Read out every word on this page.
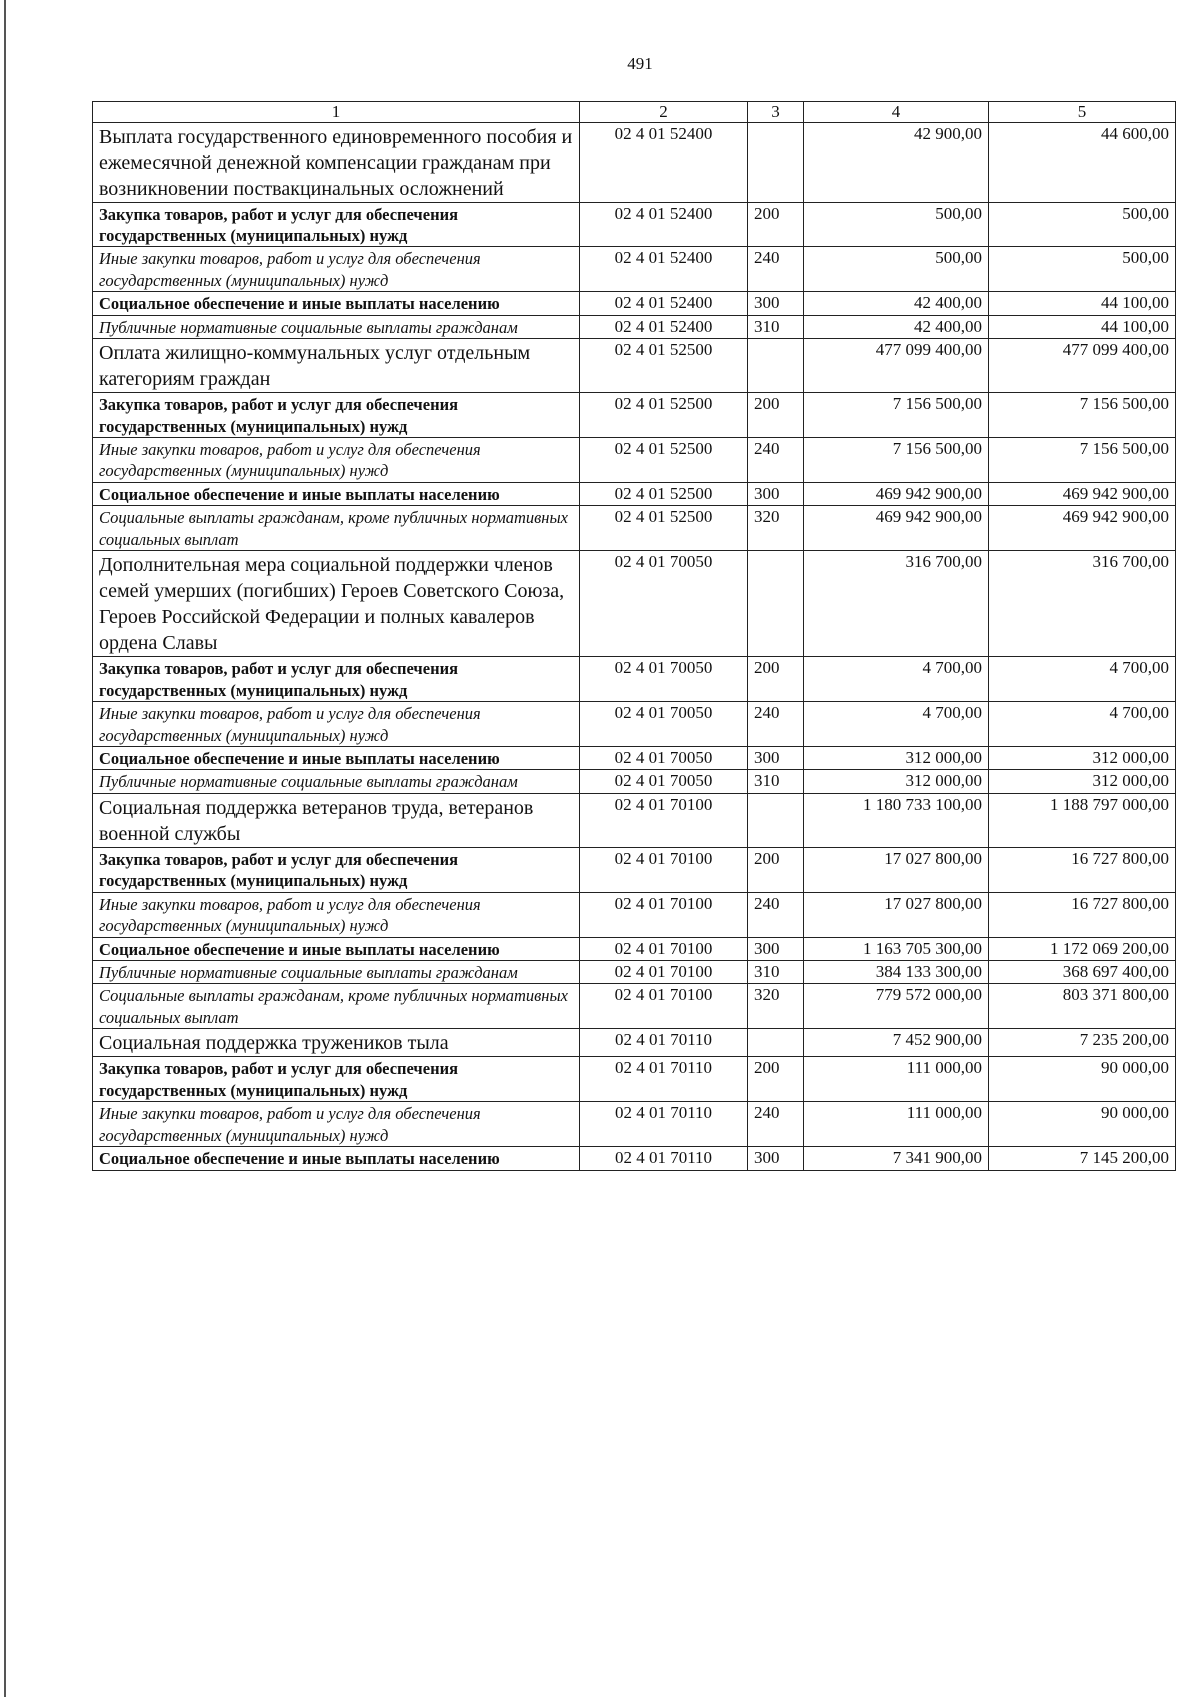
491
1	2	3	4	5
Выплата государственного единовременного пособия и ежемесячной денежной компенсации гражданам при возникновении поствакцинальных осложнений	02 4 01 52400		42 900,00	44 600,00
Закупка товаров, работ и услуг для обеспечения государственных (муниципальных) нужд	02 4 01 52400	200	500,00	500,00
Иные закупки товаров, работ и услуг для обеспечения государственных (муниципальных) нужд	02 4 01 52400	240	500,00	500,00
Социальное обеспечение и иные выплаты населению	02 4 01 52400	300	42 400,00	44 100,00
Публичные нормативные социальные выплаты гражданам	02 4 01 52400	310	42 400,00	44 100,00
Оплата жилищно-коммунальных услуг отдельным категориям граждан	02 4 01 52500		477 099 400,00	477 099 400,00
Закупка товаров, работ и услуг для обеспечения государственных (муниципальных) нужд	02 4 01 52500	200	7 156 500,00	7 156 500,00
Иные закупки товаров, работ и услуг для обеспечения государственных (муниципальных) нужд	02 4 01 52500	240	7 156 500,00	7 156 500,00
Социальное обеспечение и иные выплаты населению	02 4 01 52500	300	469 942 900,00	469 942 900,00
Социальные выплаты гражданам, кроме публичных нормативных социальных выплат	02 4 01 52500	320	469 942 900,00	469 942 900,00
Дополнительная мера социальной поддержки членов семей умерших (погибших) Героев Советского Союза, Героев Российской Федерации и полных кавалеров ордена Славы	02 4 01 70050		316 700,00	316 700,00
Закупка товаров, работ и услуг для обеспечения государственных (муниципальных) нужд	02 4 01 70050	200	4 700,00	4 700,00
Иные закупки товаров, работ и услуг для обеспечения государственных (муниципальных) нужд	02 4 01 70050	240	4 700,00	4 700,00
Социальное обеспечение и иные выплаты населению	02 4 01 70050	300	312 000,00	312 000,00
Публичные нормативные социальные выплаты гражданам	02 4 01 70050	310	312 000,00	312 000,00
Социальная поддержка ветеранов труда, ветеранов военной службы	02 4 01 70100		1 180 733 100,00	1 188 797 000,00
Закупка товаров, работ и услуг для обеспечения государственных (муниципальных) нужд	02 4 01 70100	200	17 027 800,00	16 727 800,00
Иные закупки товаров, работ и услуг для обеспечения государственных (муниципальных) нужд	02 4 01 70100	240	17 027 800,00	16 727 800,00
Социальное обеспечение и иные выплаты населению	02 4 01 70100	300	1 163 705 300,00	1 172 069 200,00
Публичные нормативные социальные выплаты гражданам	02 4 01 70100	310	384 133 300,00	368 697 400,00
Социальные выплаты гражданам, кроме публичных нормативных социальных выплат	02 4 01 70100	320	779 572 000,00	803 371 800,00
Социальная поддержка тружеников тыла	02 4 01 70110		7 452 900,00	7 235 200,00
Закупка товаров, работ и услуг для обеспечения государственных (муниципальных) нужд	02 4 01 70110	200	111 000,00	90 000,00
Иные закупки товаров, работ и услуг для обеспечения государственных (муниципальных) нужд	02 4 01 70110	240	111 000,00	90 000,00
Социальное обеспечение и иные выплаты населению	02 4 01 70110	300	7 341 900,00	7 145 200,00
